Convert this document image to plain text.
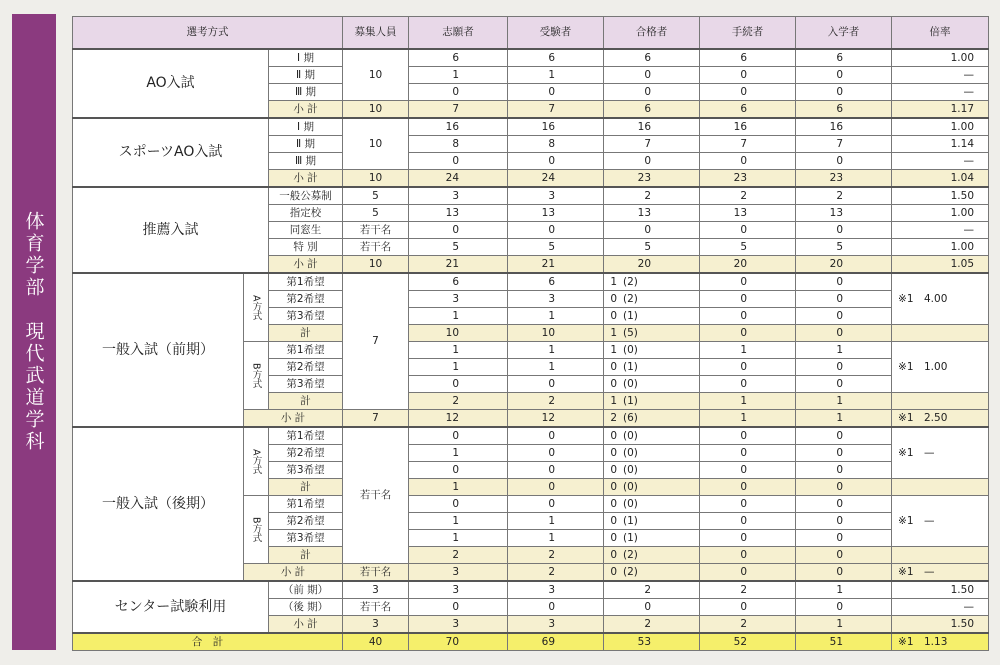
体育学部　現代武道学科
選考方式			募集人員	志願者	受験者	合格者	手続者	入学者	倍率
AO入試		Ⅰ 期	10	6	6	6	6	6	1.00
		Ⅱ 期		1	1	0	0	0	—
		Ⅲ 期		0	0	0	0	0	—
		小 計	10	7	7	6	6	6	1.17
スポーツAO入試		Ⅰ 期	10	16	16	16	16	16	1.00
		Ⅱ 期		8	8	7	7	7	1.14
		Ⅲ 期		0	0	0	0	0	—
		小 計	10	24	24	23	23	23	1.04
推薦入試		一般公募制	5	3	3	2	2	2	1.50
		指定校	5	13	13	13	13	13	1.00
		同窓生	若干名	0	0	0	0	0	—
		特 別	若干名	5	5	5	5	5	1.00
		小 計	10	21	21	20	20	20	1.05
一般入試（前期）	A方式	第1希望	7	6	6	1 (2)	0	0	※1　4.00
		第2希望		3	3	0 (2)	0	0	
		第3希望		1	1	0 (1)	0	0	
		計		10	10	1 (5)	0	0	
	B方式	第1希望		1	1	1 (0)	1	1	※1　1.00
		第2希望		1	1	0 (1)	0	0	
		第3希望		0	0	0 (0)	0	0	
		計		2	2	1 (1)	1	1	
	小 計		7	12	12	2 (6)	1	1	※1　2.50
一般入試（後期）	A方式	第1希望	若干名	0	0	0 (0)	0	0	※1　—
		第2希望		1	0	0 (0)	0	0	
		第3希望		0	0	0 (0)	0	0	
		計		1	0	0 (0)	0	0	
	B方式	第1希望		0	0	0 (0)	0	0	※1　—
		第2希望		1	1	0 (1)	0	0	
		第3希望		1	1	0 (1)	0	0	
		計		2	2	0 (2)	0	0	
	小 計		若干名	3	2	0 (2)	0	0	※1　—
センター試験利用		（前 期）	3	3	3	2	2	1	1.50
		（後 期）	若干名	0	0	0	0	0	—
		小 計	3	3	3	2	2	1	1.50
合　計			40	70	69	53	52	51	※1　1.13
